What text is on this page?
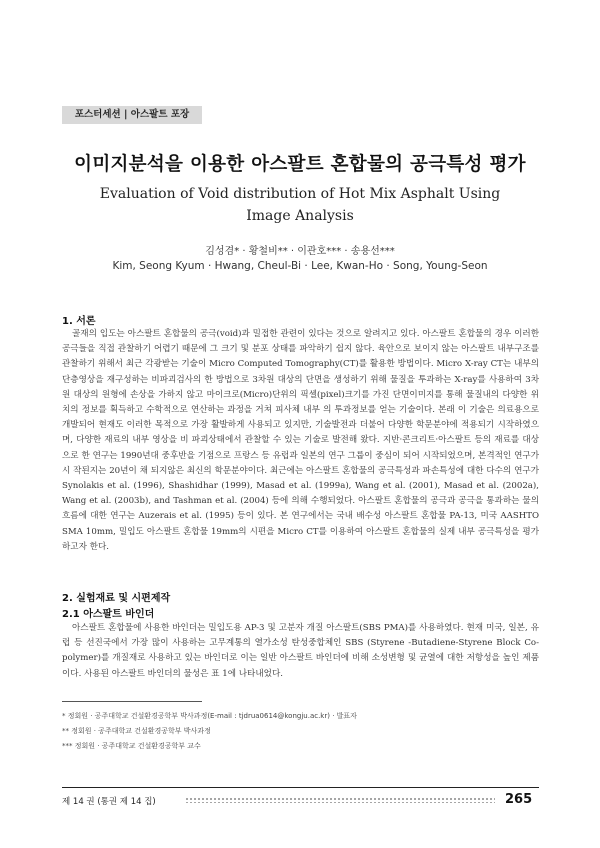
포스터세션 | 아스팔트 포장
이미지분석을 이용한 아스팔트 혼합물의 공극특성 평가
Evaluation of Void distribution of Hot Mix Asphalt Using
Image Analysis
김성겸* · 황철비** · 이관호*** · 송용선***
Kim, Seong Kyum · Hwang, Cheul-Bi · Lee, Kwan-Ho · Song, Young-Seon
1. 서론

골재의 입도는 아스팔트 혼합물의 공극(void)과 밀접한 관련이 있다는 것으로 알려지고 있다. 아스팔트 혼합물의 경우 이러한 공극들을 직접 관찰하기 어렵기 때문에 그 크기 및 분포 상태를 파악하기 쉽지 않다. 육안으로 보이지 않는 아스팔트 내부구조를 관찰하기 위해서 최근 각광받는 기술이 Micro Computed Tomography(CT)를 활용한 방법이다. Micro X-ray CT는 내부의 단층영상을 재구성하는 비파괴검사의 한 방법으로 3차원 대상의 단면을 생성하기 위해 물질을 투과하는 X-ray를 사용하여 3차원 대상의 원형에 손상을 가하지 않고 마이크로(Micro)단위의 픽셀(pixel)크기를 가진 단면이미지를 통해 물질내의 다양한 위치의 정보를 획득하고 수학적으로 연산하는 과정을 거쳐 피사체 내부 의 투과정보를 얻는 기술이다. 본래 이 기술은 의료용으로 개발되어 현재도 이러한 목적으로 가장 활발하게 사용되고 있지만, 기술발전과 더불어 다양한 학문분야에 적용되기 시작하였으며, 다양한 재료의 내부 영상을 비 파괴상태에서 관찰할 수 있는 기술로 발전해 왔다. 지반·콘크리트·아스팔트 등의 재료를 대상으로 한 연구는 1990년대 중후반을 기점으로 프랑스 등 유럽과 일본의 연구 그룹이 중심이 되어 시작되었으며, 본격적인 연구가 시 작된지는 20년이 채 되지않은 최신의 학문분야이다. 최근에는 아스팔트 혼합물의 공극특성과 파손특성에 대한 다수의 연구가 Synolakis et al. (1996), Shashidhar (1999), Masad et al. (1999a), Wang et al. (2001), Masad et al. (2002a), Wang et al. (2003b), and Tashman et al. (2004) 등에 의해 수행되었다. 아스팔트 혼합물의 공극과 공극을 통과하는 물의 흐름에 대한 연구는 Auzerais et al. (1995) 등이 있다. 본 연구에서는 국내 배수성 아스팔트 혼합물 PA-13, 미국 AASHTO SMA 10mm, 밀입도 아스팔트 혼합물 19mm의 시편을 Micro CT를 이용하여 아스팔트 혼합물의 실제 내부 공극특성을 평가하고자 한다.

2. 실험재료 및 시편제작
2.1 아스팔트 바인더

아스팔트 혼합물에 사용한 바인더는 밀입도용 AP-3 및 고분자 개질 아스팔트(SBS PMA)를 사용하였다. 현재 미국, 일본, 유럽 등 선진국에서 가장 많이 사용하는 고무계통의 열가소성 탄성중합체인 SBS (Styrene -Butadiene-Styrene Block Co-polymer)를 개질재로 사용하고 있는 바인더로 이는 일반 아스팔트 바인더에 비해 소성변형 및 균열에 대한 저항성을 높인 제품이다. 사용된 아스팔트 바인더의 물성은 표 1에 나타내었다.

* 정회원 · 공주대학교 건설환경공학부 박사과정(E-mail : tjdrua0614@kongju.ac.kr) · 발표자
** 정회원 · 공주대학교 건설환경공학부 박사과정
*** 정회원 · 공주대학교 건설환경공학부 교수
제 14 권 (통권 제 14 집)	265
